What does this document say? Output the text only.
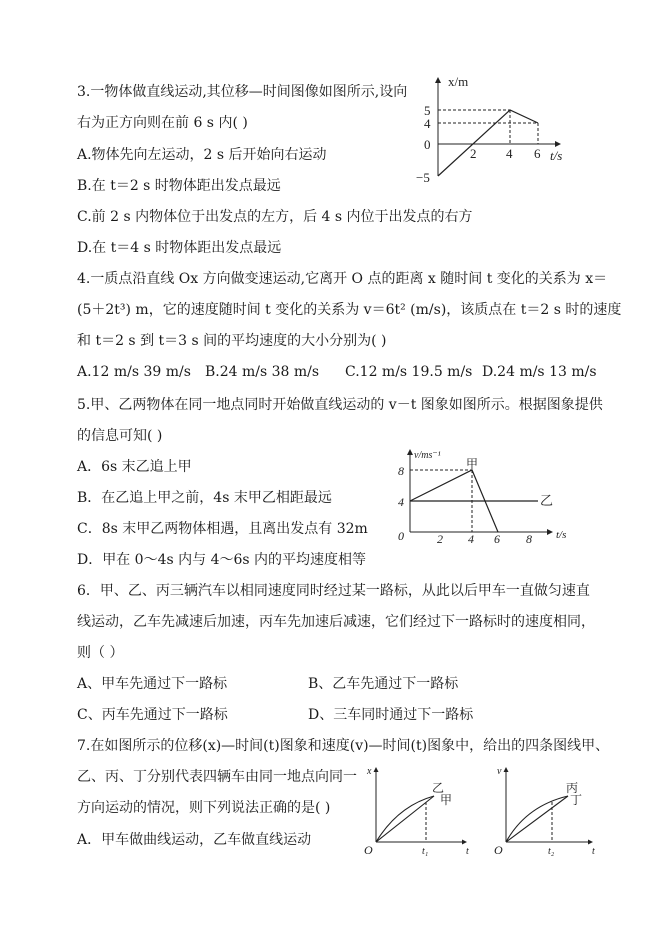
3.一物体做直线运动,其位移—时间图像如图所示,设向
右为正方向则在前 6 s 内( )
A.物体先向左运动，2 s 后开始向右运动
B.在 t＝2 s 时物体距出发点最远
C.前 2 s 内物体位于出发点的左方，后 4 s 内位于出发点的右方
D.在 t＝4 s 时物体距出发点最远
x/m
t/s
0
5
4
−5
2 4 6
4.一质点沿直线 Ox 方向做变速运动,它离开 O 点的距离 x 随时间 t 变化的关系为 x＝
(5＋2t³) m，它的速度随时间 t 变化的关系为 v＝6t² (m/s)，该质点在 t＝2 s 时的速度
和 t＝2 s 到 t＝3 s 间的平均速度的大小分别为( )
A.12 m/s 39 m/s B.24 m/s 38 m/s C.12 m/s 19.5 m/s D.24 m/s 13 m/s
5.甲、乙两物体在同一地点同时开始做直线运动的 v－t 图象如图所示。根据图象提供
的信息可知( )
A．6s 末乙追上甲
B．在乙追上甲之前，4s 末甲乙相距最远
C．8s 末甲乙两物体相遇，且离出发点有 32m
D．甲在 0～4s 内与 4～6s 内的平均速度相等
v/ms⁻¹
t/s
0
8
4
2 4 6 8
甲
乙
6．甲、乙、丙三辆汽车以相同速度同时经过某一路标，从此以后甲车一直做匀速直
线运动，乙车先减速后加速，丙车先加速后减速，它们经过下一路标时的速度相同，
则（ ）
A、甲车先通过下一路标	B、乙车先通过下一路标
C、丙车先通过下一路标	D、三车同时通过下一路标
7.在如图所示的位移(x)—时间(t)图象和速度(v)—时间(t)图象中，给出的四条图线甲、
乙、丙、丁分别代表四辆车由同一地点向同一
方向运动的情况，则下列说法正确的是( )
A．甲车做曲线运动，乙车做直线运动
x
t
O	t₁
乙
甲
v
t
O	t₂
丙
丁
